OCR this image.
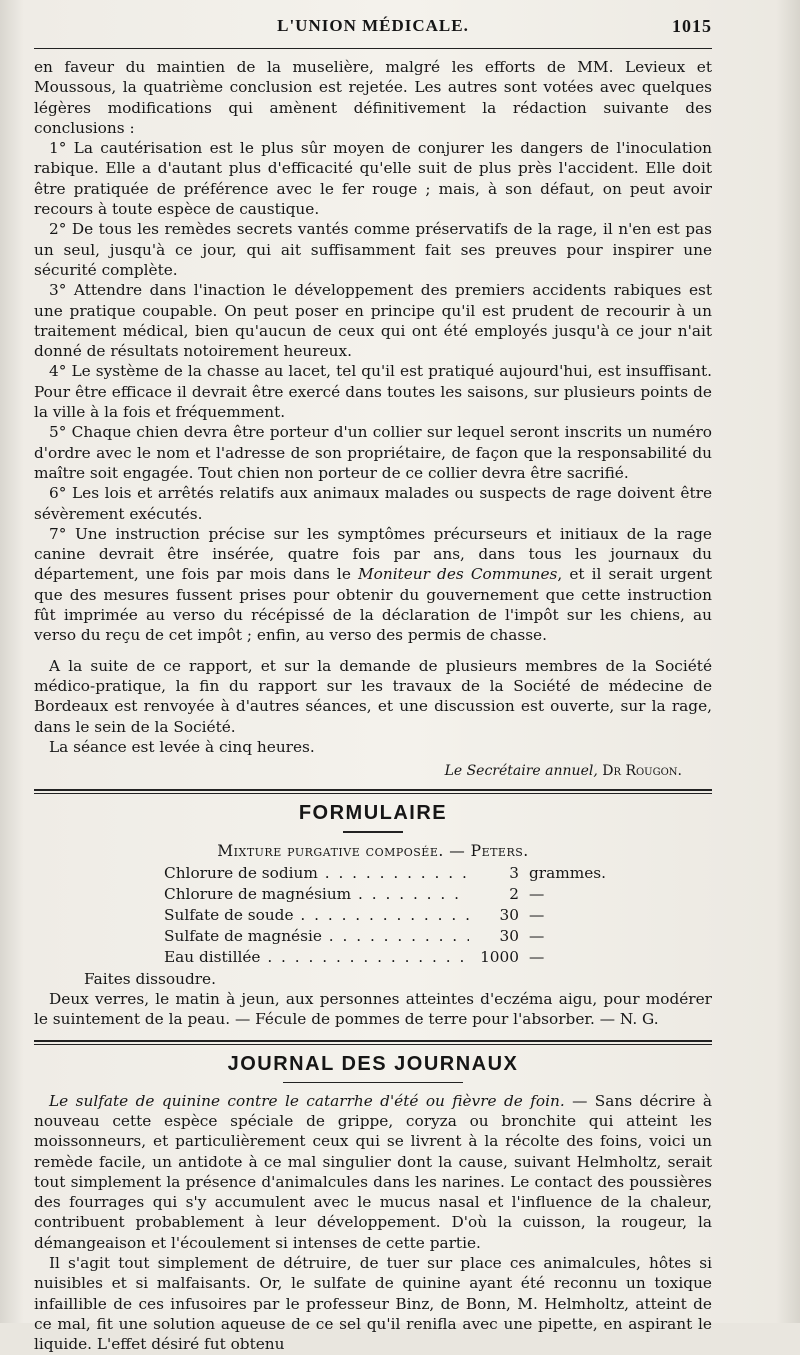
L'UNION MÉDICALE.	1015

en faveur du maintien de la muselière, malgré les efforts de MM. Levieux et Moussous, la quatrième conclusion est rejetée. Les autres sont votées avec quelques légères modifications qui amènent définitivement la rédaction suivante des conclusions :

1° La cautérisation est le plus sûr moyen de conjurer les dangers de l'inoculation rabique. Elle a d'autant plus d'efficacité qu'elle suit de plus près l'accident. Elle doit être pratiquée de préférence avec le fer rouge ; mais, à son défaut, on peut avoir recours à toute espèce de caustique.

2° De tous les remèdes secrets vantés comme préservatifs de la rage, il n'en est pas un seul, jusqu'à ce jour, qui ait suffisamment fait ses preuves pour inspirer une sécurité complète.

3° Attendre dans l'inaction le développement des premiers accidents rabiques est une pratique coupable. On peut poser en principe qu'il est prudent de recourir à un traitement médical, bien qu'aucun de ceux qui ont été employés jusqu'à ce jour n'ait donné de résultats notoirement heureux.

4° Le système de la chasse au lacet, tel qu'il est pratiqué aujourd'hui, est insuffisant. Pour être efficace il devrait être exercé dans toutes les saisons, sur plusieurs points de la ville à la fois et fréquemment.

5° Chaque chien devra être porteur d'un collier sur lequel seront inscrits un numéro d'ordre avec le nom et l'adresse de son propriétaire, de façon que la responsabilité du maître soit engagée. Tout chien non porteur de ce collier devra être sacrifié.

6° Les lois et arrêtés relatifs aux animaux malades ou suspects de rage doivent être sévèrement exécutés.

7° Une instruction précise sur les symptômes précurseurs et initiaux de la rage canine devrait être insérée, quatre fois par ans, dans tous les journaux du département, une fois par mois dans le Moniteur des Communes, et il serait urgent que des mesures fussent prises pour obtenir du gouvernement que cette instruction fût imprimée au verso du récépissé de la déclaration de l'impôt sur les chiens, au verso du reçu de cet impôt ; enfin, au verso des permis de chasse.

A la suite de ce rapport, et sur la demande de plusieurs membres de la Société médico-pratique, la fin du rapport sur les travaux de la Société de médecine de Bordeaux est renvoyée à d'autres séances, et une discussion est ouverte, sur la rage, dans le sein de la Société.

La séance est levée à cinq heures.

Le Secrétaire annuel, Dr Rougon.
FORMULAIRE
Mixture purgative composée. — Peters.
Chlorure de sodium . . .	3 grammes.
Chlorure de magnésium . . .	2 —
Sulfate de soude . . .	30 —
Sulfate de magnésie . . .	30 —
Eau distillée . . .	1000 —
Faites dissoudre.

Deux verres, le matin à jeun, aux personnes atteintes d'eczéma aigu, pour modérer le suintement de la peau. — Fécule de pommes de terre pour l'absorber. — N. G.

JOURNAL DES JOURNAUX

Le sulfate de quinine contre le catarrhe d'été ou fièvre de foin. — Sans décrire à nouveau cette espèce spéciale de grippe, coryza ou bronchite qui atteint les moissonneurs, et particulièrement ceux qui se livrent à la récolte des foins, voici un remède facile, un antidote à ce mal singulier dont la cause, suivant Helmholtz, serait tout simplement la présence d'animalcules dans les narines. Le contact des poussières des fourrages qui s'y accumulent avec le mucus nasal et l'influence de la chaleur, contribuent probablement à leur développement. D'où la cuisson, la rougeur, la démangeaison et l'écoulement si intenses de cette partie.

Il s'agit tout simplement de détruire, de tuer sur place ces animalcules, hôtes si nuisibles et si malfaisants. Or, le sulfate de quinine ayant été reconnu un toxique infaillible de ces infusoires par le professeur Binz, de Bonn, M. Helmholtz, atteint de ce mal, fit une solution aqueuse de ce sel qu'il renifla avec une pipette, en aspirant le liquide. L'effet désiré fut obtenu
